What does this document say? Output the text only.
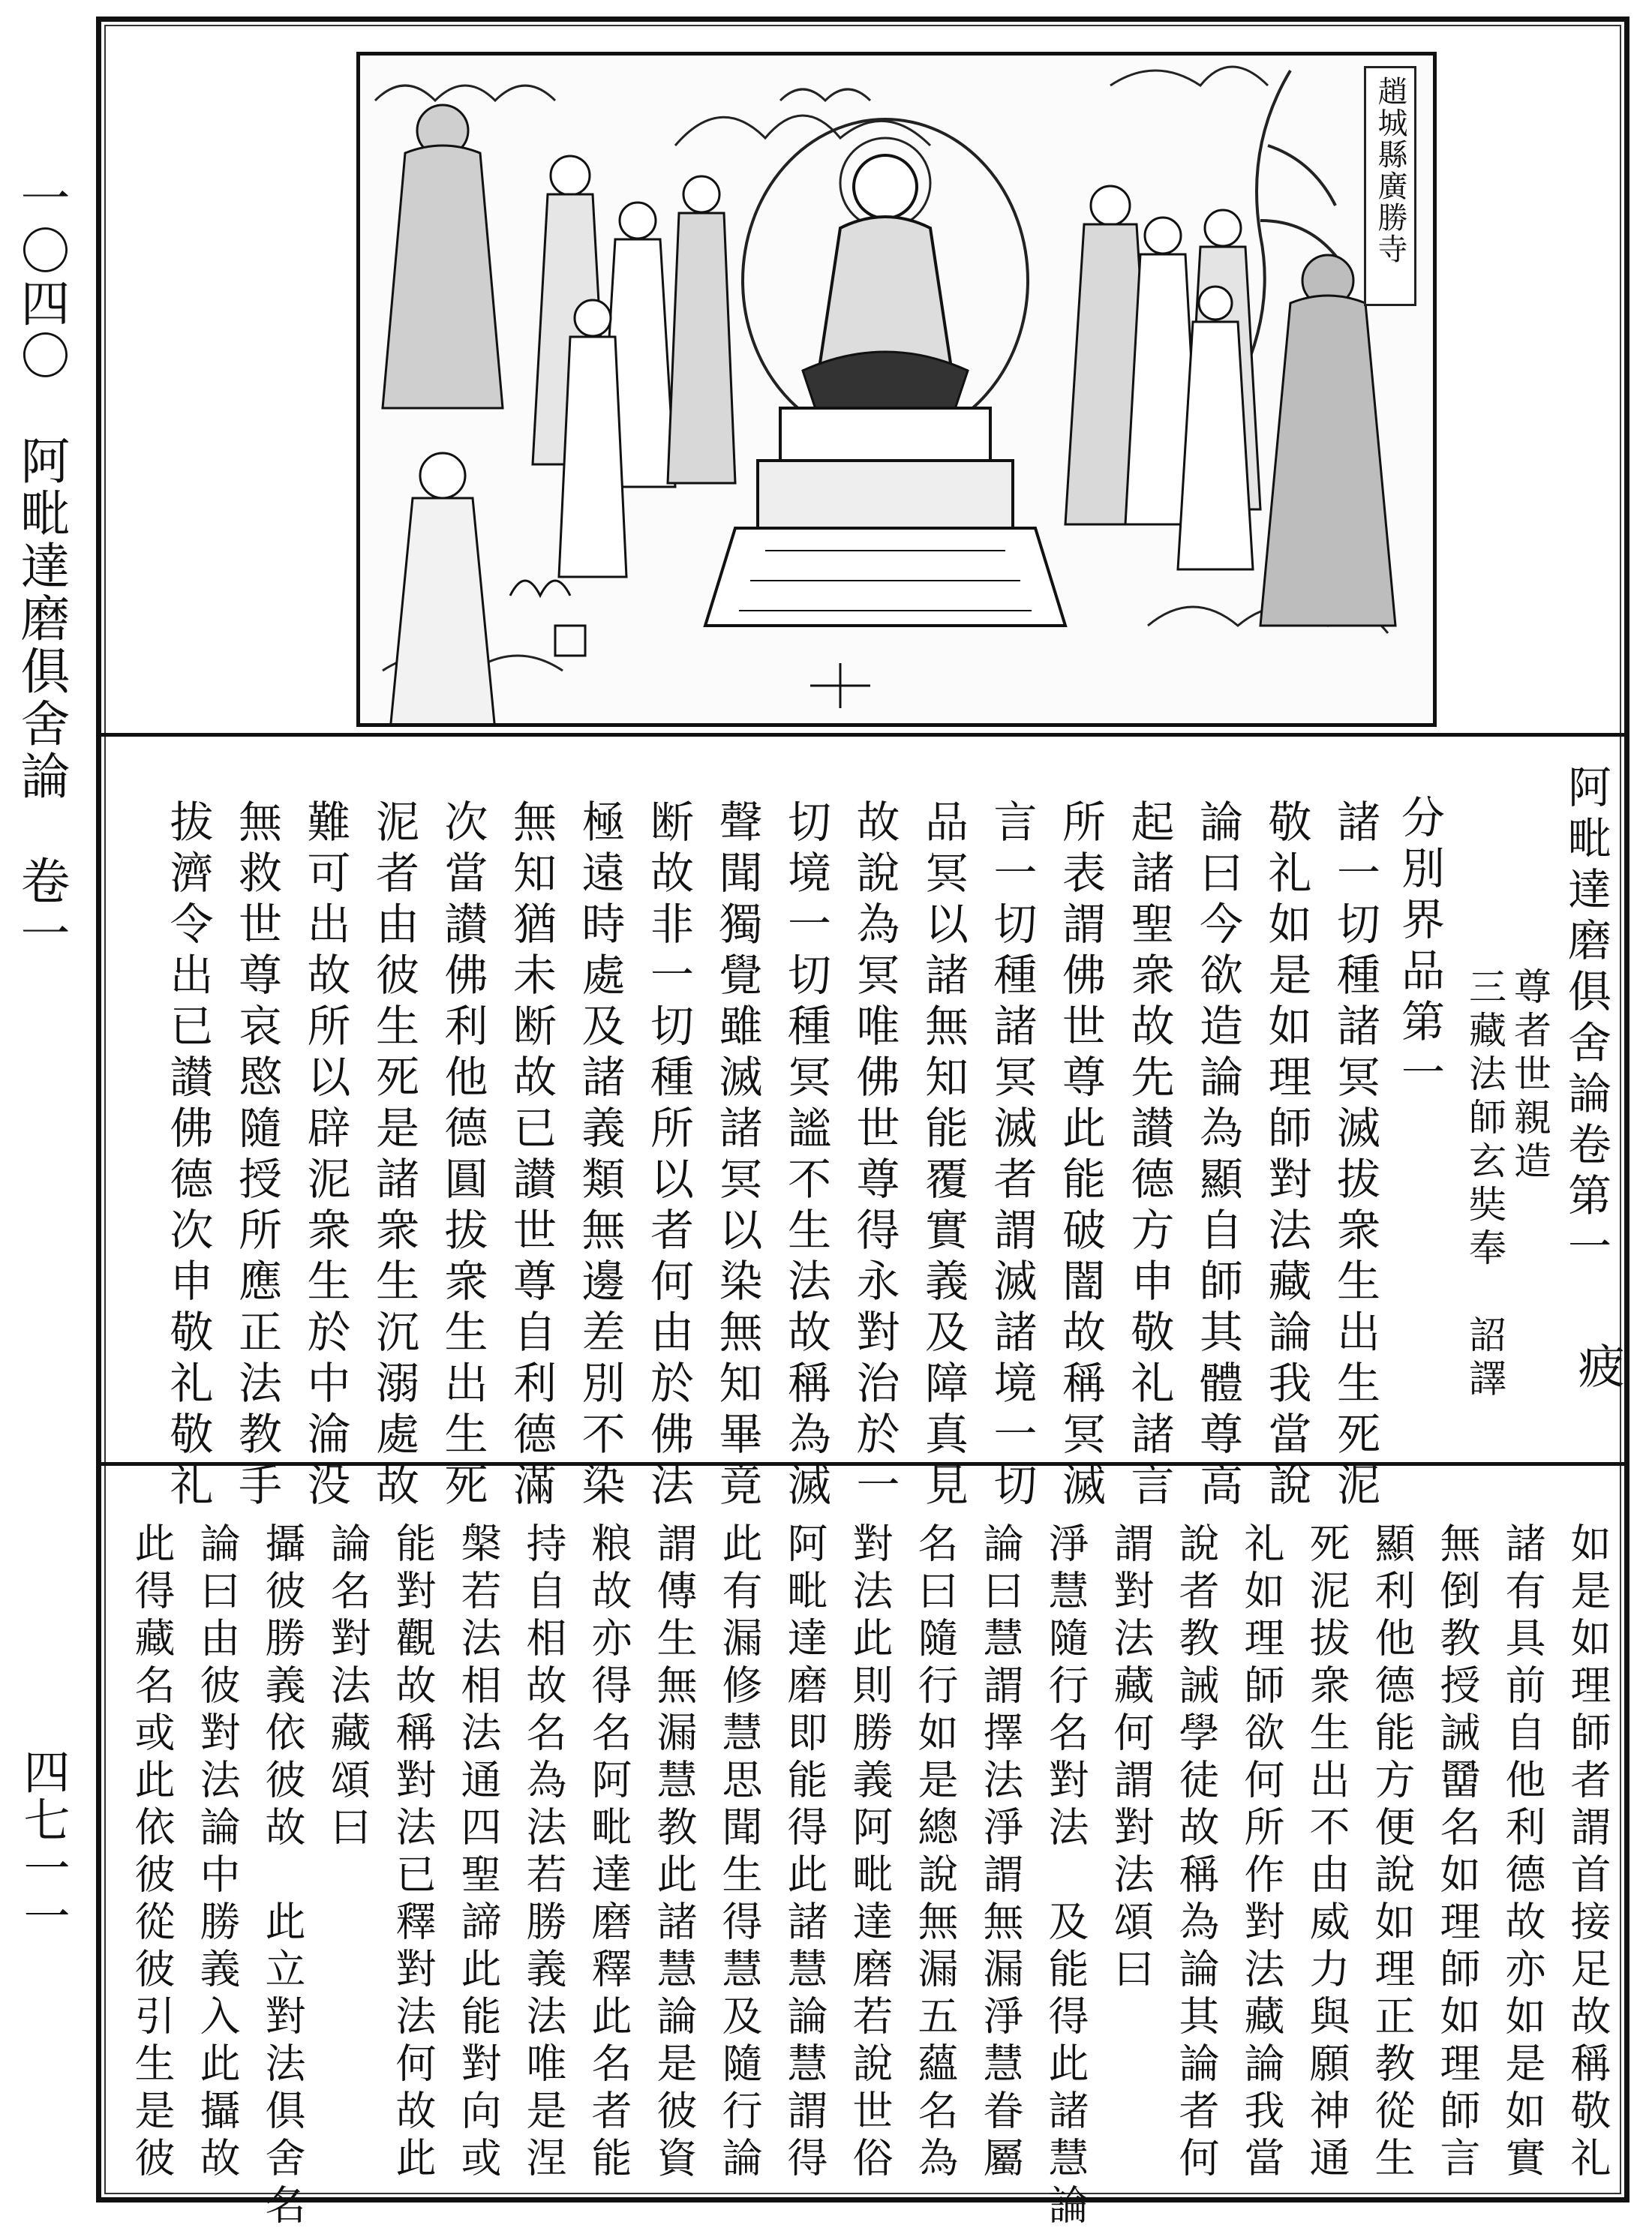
一〇四〇　阿毗達磨俱舍論　卷一
四七一一
趙城縣廣勝寺
阿毗達磨俱舍論卷第一
尊者世親造
三藏法師玄奘奉　詔譯 疲
分別界品第一
諸一切種諸冥滅拔衆生出生死泥
敬礼如是如理師對法藏論我當說
論曰今欲造論為顯自師其體尊高
起諸聖衆故先讃德方申敬礼諸言
所表謂佛世尊此能破闇故稱冥滅
言一切種諸冥滅者謂滅諸境一切
品冥以諸無知能覆實義及障真見
故說為冥唯佛世尊得永對治於一
切境一切種冥謐不生法故稱為滅
聲聞獨覺雖滅諸冥以染無知畢竟
断故非一切種所以者何由於佛法
極遠時處及諸義類無邊差別不染
無知猶未断故已讃世尊自利德滿
次當讃佛利他德圓拔衆生出生死
泥者由彼生死是諸衆生沉溺處故
難可出故所以辟泥衆生於中淪没
無救世尊哀愍隨授所應正法教手
拔濟令出已讃佛德次申敬礼敬礼
如是如理師者謂首接足故稱敬礼
諸有具前自他利德故亦如是如實
無倒教授誡羀名如理師如理師言
顯利他德能方便說如理正教從生
死泥拔衆生出不由威力與願神通
礼如理師欲何所作對法藏論我當
說者教誡學徒故稱為論其論者何
謂對法藏何謂對法頌曰
淨慧隨行名對法　及能得此諸慧論
論曰慧謂擇法淨謂無漏淨慧眷屬
名曰隨行如是總說無漏五蘊名為
對法此則勝義阿毗達磨若說世俗
阿毗達磨即能得此諸慧論慧謂得
此有漏修慧思聞生得慧及隨行論
謂傳生無漏慧教此諸慧論是彼資
粮故亦得名阿毗達磨釋此名者能
持自相故名為法若勝義法唯是涅
槃若法相法通四聖諦此能對向或
能對觀故稱對法已釋對法何故此
論名對法藏頌曰
攝彼勝義依彼故　此立對法俱舍名
論曰由彼對法論中勝義入此攝故
此得藏名或此依彼從彼引生是彼
